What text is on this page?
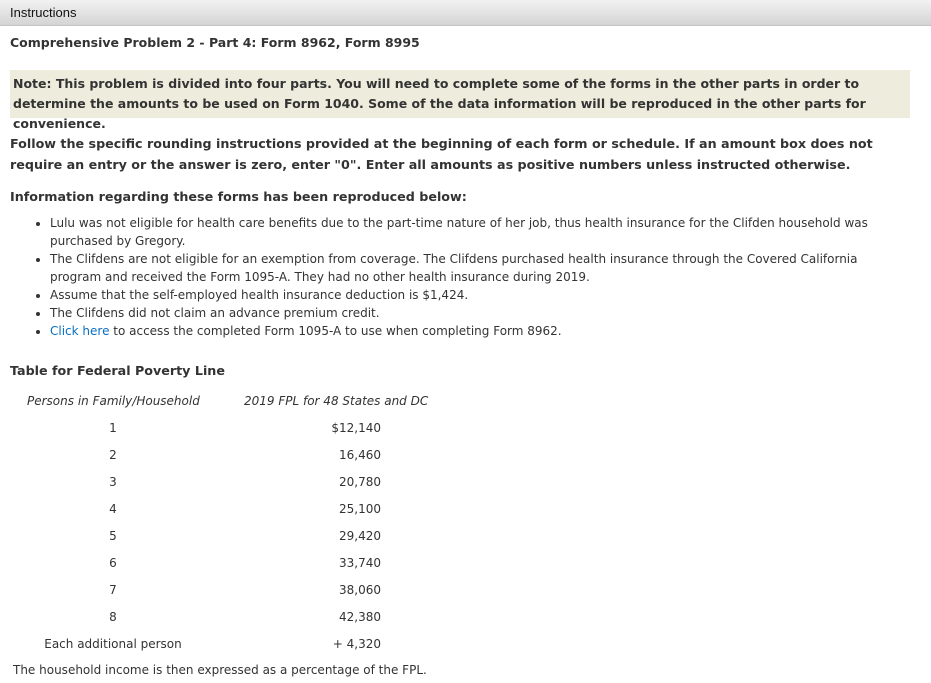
Instructions
Comprehensive Problem 2 - Part 4: Form 8962, Form 8995
Note: This problem is divided into four parts. You will need to complete some of the forms in the other parts in order to determine the amounts to be used on Form 1040. Some of the data information will be reproduced in the other parts for convenience.
Follow the specific rounding instructions provided at the beginning of each form or schedule. If an amount box does not require an entry or the answer is zero, enter "0". Enter all amounts as positive numbers unless instructed otherwise.
Information regarding these forms has been reproduced below:
• Lulu was not eligible for health care benefits due to the part-time nature of her job, thus health insurance for the Clifden household was purchased by Gregory.
• The Clifdens are not eligible for an exemption from coverage. The Clifdens purchased health insurance through the Covered California program and received the Form 1095-A. They had no other health insurance during 2019.
• Assume that the self-employed health insurance deduction is $1,424.
• The Clifdens did not claim an advance premium credit.
• Click here to access the completed Form 1095-A to use when completing Form 8962.
Table for Federal Poverty Line
Persons in Family/Household	2019 FPL for 48 States and DC
1	$12,140
2	16,460
3	20,780
4	25,100
5	29,420
6	33,740
7	38,060
8	42,380
Each additional person	+ 4,320
The household income is then expressed as a percentage of the FPL.
